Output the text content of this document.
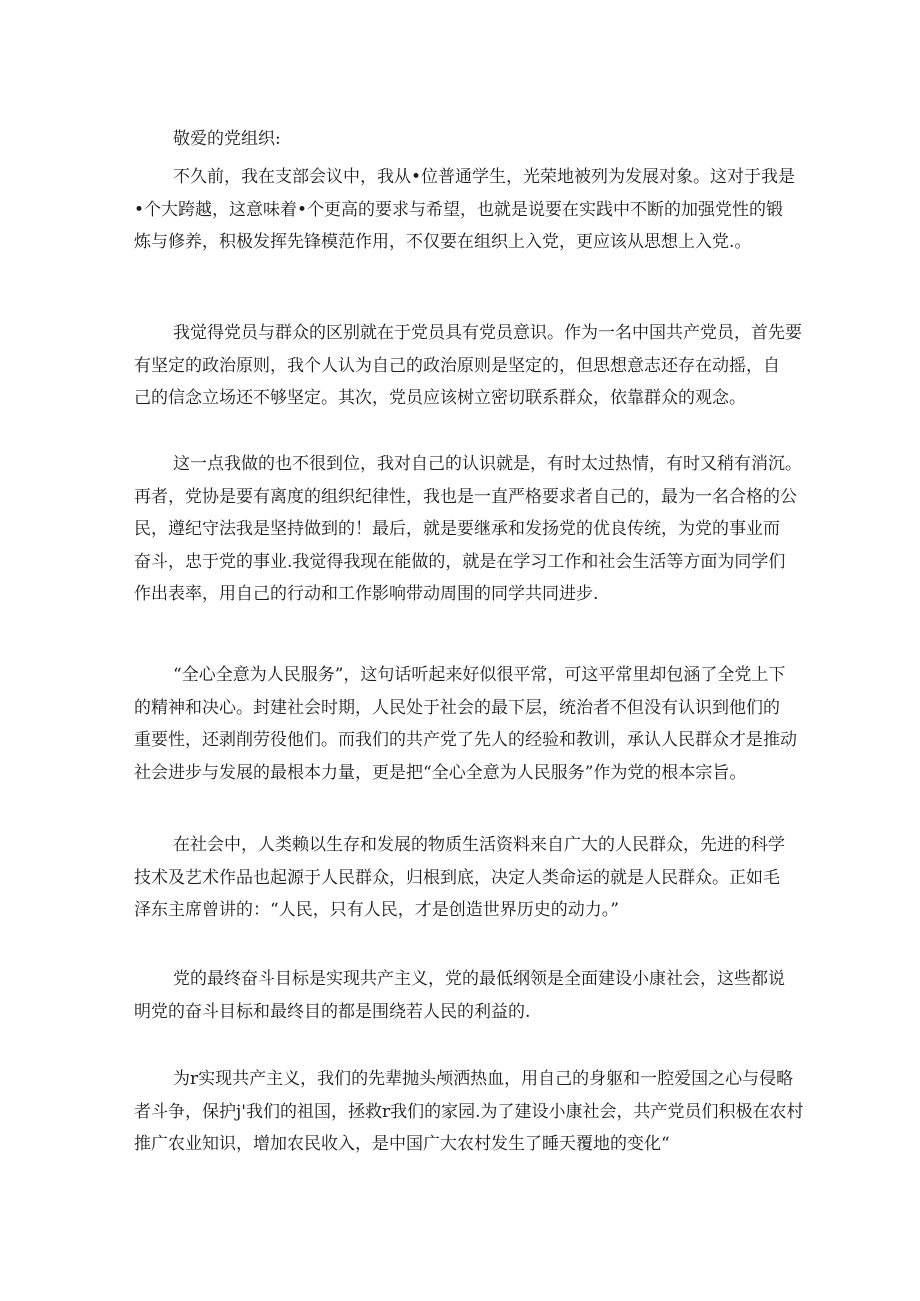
敬爱的党组织:
不久前，我在支部会议中，我从•位普通学生，光荣地被列为发展对象。这对于我是
•个大跨越，这意味着•个更高的要求与希望，也就是说要在实践中不断的加强党性的锻
炼与修养，积极发挥先锋模范作用，不仅要在组织上入党，更应该从思想上入党.。
我觉得党员与群众的区别就在于党员具有党员意识。作为一名中国共产党员，首先要
有坚定的政治原则，我个人认为自己的政治原则是坚定的，但思想意志还存在动摇，自
己的信念立场还不够坚定。其次，党员应该树立密切联系群众，依靠群众的观念。
这一点我做的也不很到位，我对自己的认识就是，有时太过热情，有时又稍有消沉。
再者，党协是要有离度的组织纪律性，我也是一直严格要求者自己的，最为一名合格的公
民，遵纪守法我是坚持做到的！最后，就是要继承和发扬党的优良传统，为党的事业而
奋斗，忠于党的事业.我觉得我现在能做的，就是在学习工作和社会生活等方面为同学们
作出表率，用自己的行动和工作影响带动周围的同学共同进步.
“全心全意为人民服务”，这句话听起来好似很平常，可这平常里却包涵了全党上下
的精神和决心。封建社会时期，人民处于社会的最下层，统治者不但没有认识到他们的
重要性，还剥削劳役他们。而我们的共产党了先人的经验和教训，承认人民群众才是推动
社会进步与发展的最根本力量，更是把“全心全意为人民服务”作为党的根本宗旨。
在社会中，人类赖以生存和发展的物质生活资料来自广大的人民群众，先进的科学
技术及艺术作品也起源于人民群众，归根到底，决定人类命运的就是人民群众。正如毛
泽东主席曾讲的：“人民，只有人民，才是创造世界历史的动力。”
党的最终奋斗目标是实现共产主义，党的最低纲领是全面建设小康社会，这些都说
明党的奋斗目标和最终目的都是围绕若人民的利益的.
为r实现共产主义，我们的先辈抛头颅洒热血，用自己的身躯和一腔爱国之心与侵略
者斗争，保护j'我们的祖国，拯救r我们的家园.为了建设小康社会，共产党员们积极在农村
推广农业知识，增加农民收入，是中国广大农村发生了睡天覆地的变化“
